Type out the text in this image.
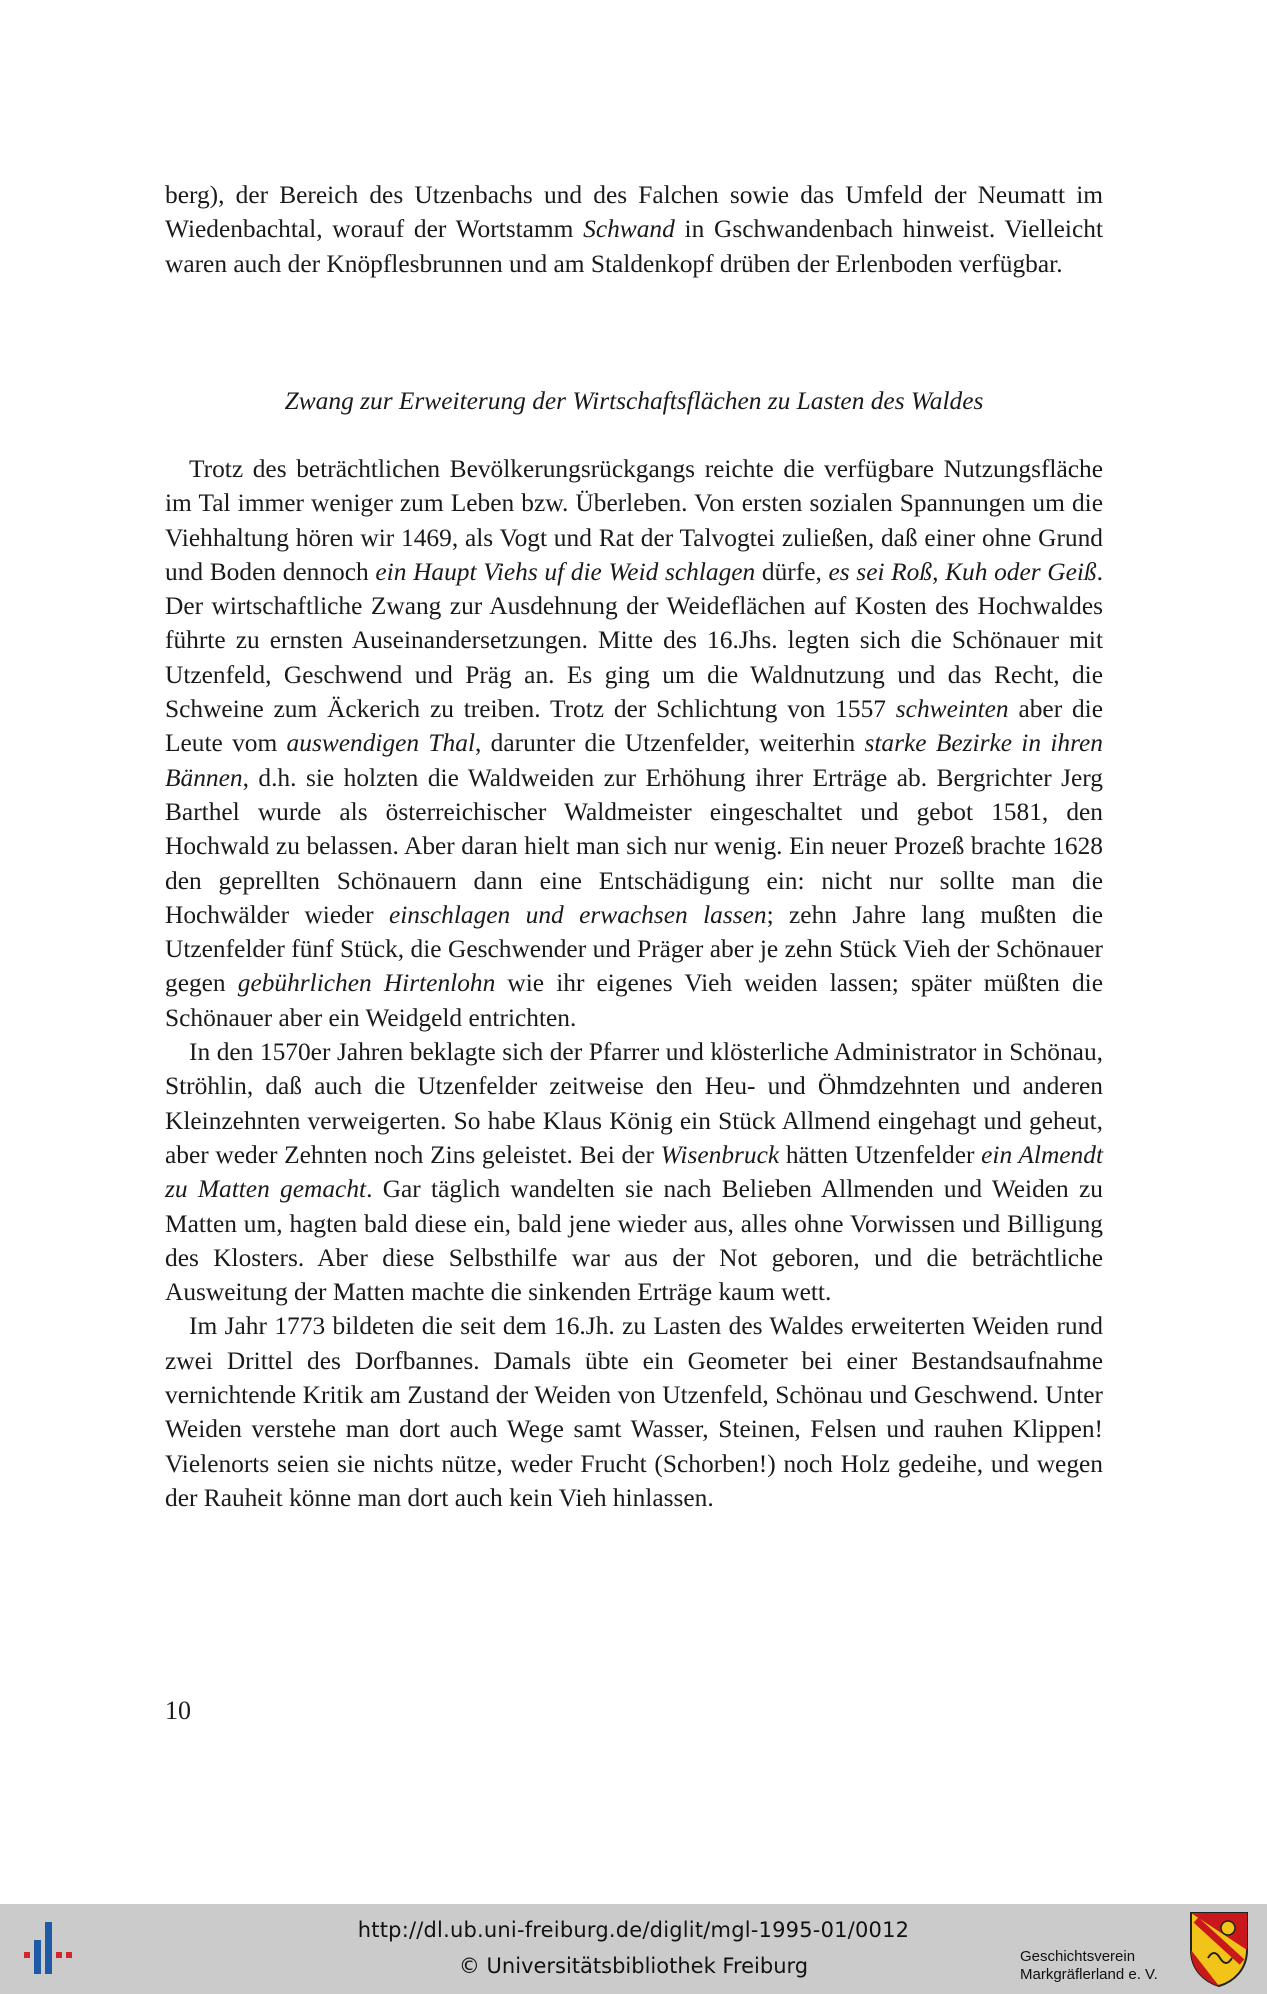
berg), der Bereich des Utzenbachs und des Falchen sowie das Umfeld der Neumatt im Wiedenbachtal, worauf der Wortstamm Schwand in Gschwandenbach hinweist. Vielleicht waren auch der Knöpflesbrunnen und am Staldenkopf drüben der Erlenboden verfügbar.

Zwang zur Erweiterung der Wirtschaftsflächen zu Lasten des Waldes

Trotz des beträchtlichen Bevölkerungsrückgangs reichte die verfügbare Nutzungsfläche im Tal immer weniger zum Leben bzw. Überleben. Von ersten sozialen Spannungen um die Viehhaltung hören wir 1469, als Vogt und Rat der Talvogtei zuließen, daß einer ohne Grund und Boden dennoch ein Haupt Viehs uf die Weid schlagen dürfe, es sei Roß, Kuh oder Geiß. Der wirtschaftliche Zwang zur Ausdehnung der Weideflächen auf Kosten des Hochwaldes führte zu ernsten Auseinandersetzungen. Mitte des 16.Jhs. legten sich die Schönauer mit Utzenfeld, Geschwend und Präg an. Es ging um die Waldnutzung und das Recht, die Schweine zum Äckerich zu treiben. Trotz der Schlichtung von 1557 schweinten aber die Leute vom auswendigen Thal, darunter die Utzenfelder, weiterhin starke Bezirke in ihren Bännen, d.h. sie holzten die Waldweiden zur Erhöhung ihrer Erträge ab. Bergrichter Jerg Barthel wurde als österreichischer Waldmeister eingeschaltet und gebot 1581, den Hochwald zu belassen. Aber daran hielt man sich nur wenig. Ein neuer Prozeß brachte 1628 den geprellten Schönauern dann eine Entschädigung ein: nicht nur sollte man die Hochwälder wieder einschlagen und erwachsen lassen; zehn Jahre lang mußten die Utzenfelder fünf Stück, die Geschwender und Präger aber je zehn Stück Vieh der Schönauer gegen gebührlichen Hirtenlohn wie ihr eigenes Vieh weiden lassen; später müßten die Schönauer aber ein Weidgeld entrichten.

In den 1570er Jahren beklagte sich der Pfarrer und klösterliche Administrator in Schönau, Ströhlin, daß auch die Utzenfelder zeitweise den Heu- und Öhmdzehnten und anderen Kleinzehnten verweigerten. So habe Klaus König ein Stück Allmend eingehagt und geheut, aber weder Zehnten noch Zins geleistet. Bei der Wisenbruck hätten Utzenfelder ein Almendt zu Matten gemacht. Gar täglich wandelten sie nach Belieben Allmenden und Weiden zu Matten um, hagten bald diese ein, bald jene wieder aus, alles ohne Vorwissen und Billigung des Klosters. Aber diese Selbsthilfe war aus der Not geboren, und die beträchtliche Ausweitung der Matten machte die sinkenden Erträge kaum wett.

Im Jahr 1773 bildeten die seit dem 16.Jh. zu Lasten des Waldes erweiterten Weiden rund zwei Drittel des Dorfbannes. Damals übte ein Geometer bei einer Bestandsaufnahme vernichtende Kritik am Zustand der Weiden von Utzenfeld, Schönau und Geschwend. Unter Weiden verstehe man dort auch Wege samt Wasser, Steinen, Felsen und rauhen Klippen! Vielenorts seien sie nichts nütze, weder Frucht (Schorben!) noch Holz gedeihe, und wegen der Rauheit könne man dort auch kein Vieh hinlassen.

10
http://dl.ub.uni-freiburg.de/diglit/mgl-1995-01/0012
© Universitätsbibliothek Freiburg	Geschichtsverein
Markgräflerland e. V.
